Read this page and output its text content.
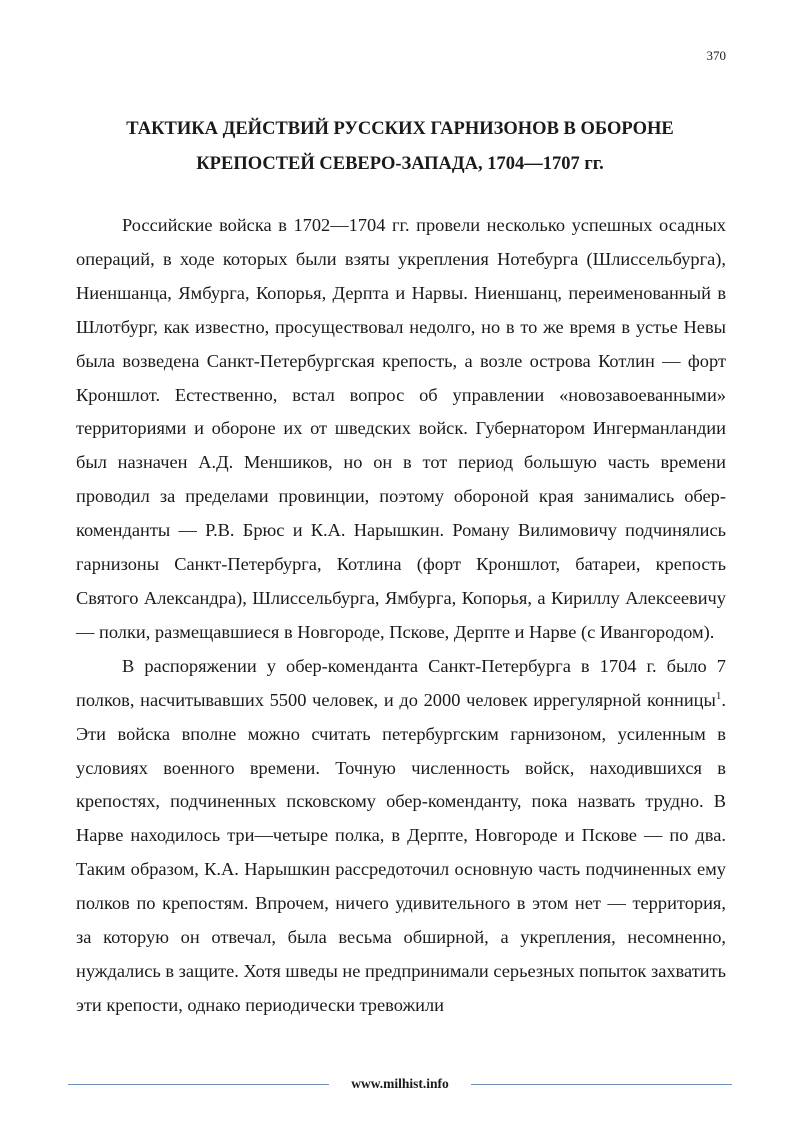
370
ТАКТИКА ДЕЙСТВИЙ РУССКИХ ГАРНИЗОНОВ В ОБОРОНЕ
КРЕПОСТЕЙ СЕВЕРО-ЗАПАДА, 1704—1707 гг.

Российские войска в 1702—1704 гг. провели несколько успешных осадных операций, в ходе которых были взяты укрепления Нотебурга (Шлиссельбурга), Ниеншанца, Ямбурга, Копорья, Дерпта и Нарвы. Ниеншанц, переименованный в Шлотбург, как известно, просуществовал недолго, но в то же время в устье Невы была возведена Санкт-Петербургская крепость, а возле острова Котлин — форт Кроншлот. Естественно, встал вопрос об управлении «новозавоеванными» территориями и обороне их от шведских войск. Губернатором Ингерманландии был назначен А.Д. Меншиков, но он в тот период большую часть времени проводил за пределами провинции, поэтому обороной края занимались обер-коменданты — Р.В. Брюс и К.А. Нарышкин. Роману Вилимовичу подчинялись гарнизоны Санкт-Петербурга, Котлина (форт Кроншлот, батареи, крепость Святого Александра), Шлиссельбурга, Ямбурга, Копорья, а Кириллу Алексеевичу — полки, размещавшиеся в Новгороде, Пскове, Дерпте и Нарве (с Ивангородом).

В распоряжении у обер-коменданта Санкт-Петербурга в 1704 г. было 7 полков, насчитывавших 5500 человек, и до 2000 человек иррегулярной конницы$^1$. Эти войска вполне можно считать петербургским гарнизоном, усиленным в условиях военного времени. Точную численность войск, находившихся в крепостях, подчиненных псковскому обер-коменданту, пока назвать трудно. В Нарве находилось три—четыре полка, в Дерпте, Новгороде и Пскове — по два. Таким образом, К.А. Нарышкин рассредоточил основную часть подчиненных ему полков по крепостям. Впрочем, ничего удивительного в этом нет — территория, за которую он отвечал, была весьма обширной, а укрепления, несомненно, нуждались в защите. Хотя шведы не предпринимали серьезных попыток захватить эти крепости, однако периодически тревожили

www.milhist.info
